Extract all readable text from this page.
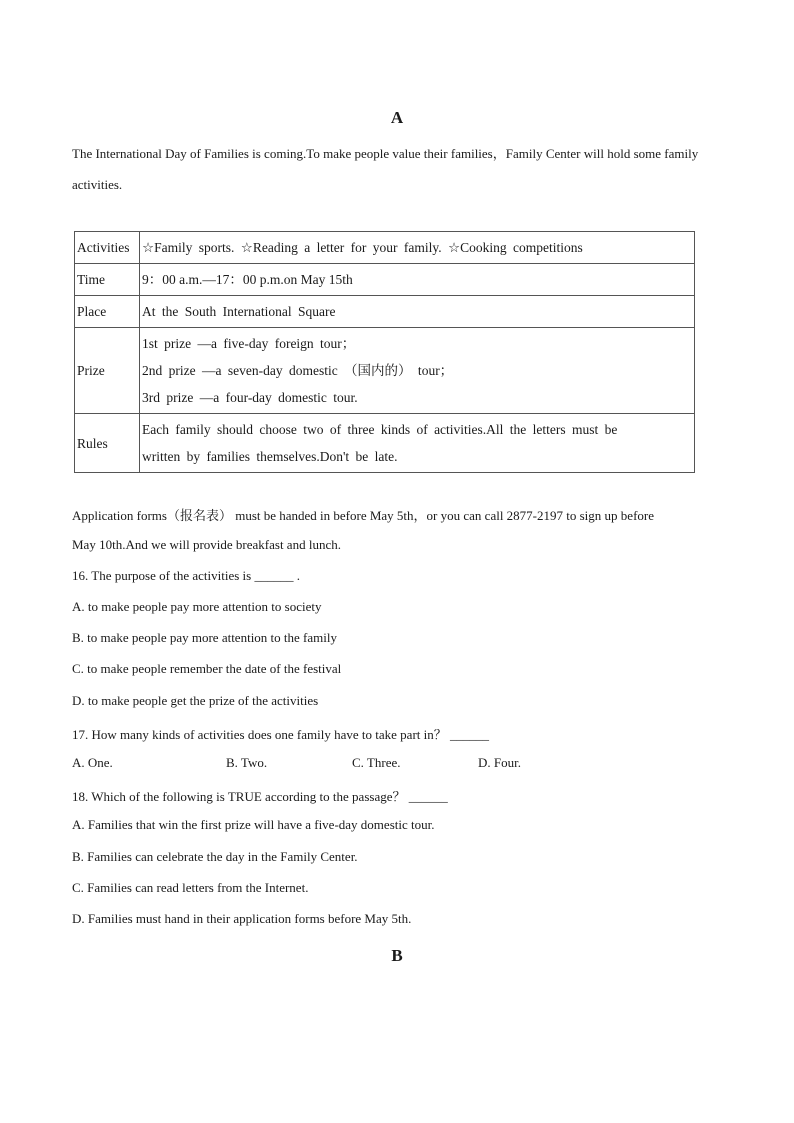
A
The International Day of Families is coming.To make people value their families，Family Center will hold some family activities.
Activities	☆Family sports. ☆Reading a letter for your family. ☆Cooking competitions
Time	9：00 a.m.—17：00 p.m.on May 15th
Place	At the South International Square
Prize	1st prize —a five-day foreign tour；
2nd prize —a seven-day domestic （国内的） tour；
3rd prize —a four-day domestic tour.

Rules	Each family should choose two of three kinds of activities.All the letters must be
written by families themselves.Don't be late.
Application forms（报名表） must be handed in before May 5th，or you can call 2877-2197 to sign up before
May 10th.And we will provide breakfast and lunch.
16. The purpose of the activities is ______ .
A. to make people pay more attention to society
B. to make people pay more attention to the family
C. to make people remember the date of the festival
D. to make people get the prize of the activities
17. How many kinds of activities does one family have to take part in？ ______
A. One.	B. Two.	C. Three.	D. Four.
18. Which of the following is TRUE according to the passage？ ______
A. Families that win the first prize will have a five-day domestic tour.
B. Families can celebrate the day in the Family Center.
C. Families can read letters from the Internet.
D. Families must hand in their application forms before May 5th.
B
